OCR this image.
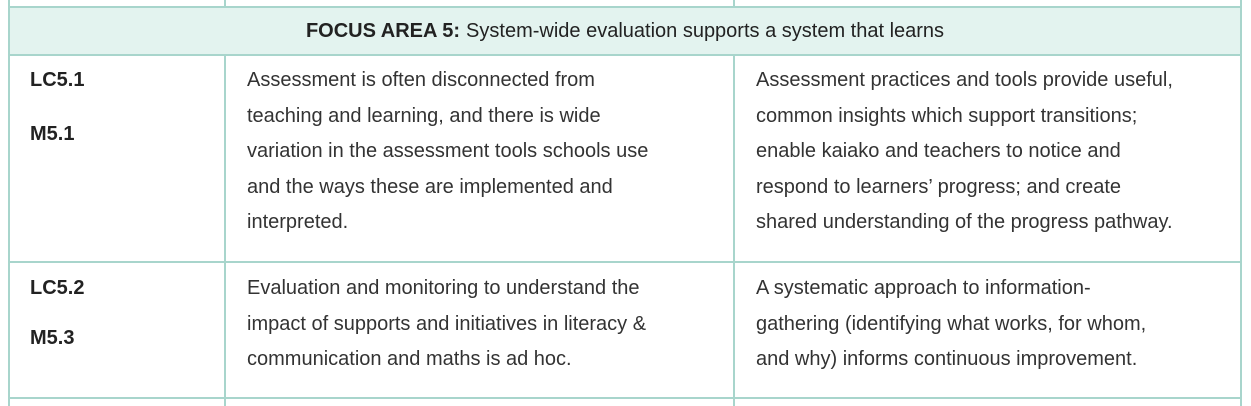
FOCUS AREA 5: System-wide evaluation supports a system that learns
LC5.1
M5.1
Assessment is often disconnected from
teaching and learning, and there is wide
variation in the assessment tools schools use
and the ways these are implemented and
interpreted.
Assessment practices and tools provide useful,
common insights which support transitions;
enable kaiako and teachers to notice and
respond to learners’ progress; and create
shared understanding of the progress pathway.
LC5.2
M5.3
Evaluation and monitoring to understand the
impact of supports and initiatives in literacy &
communication and maths is ad hoc.
A systematic approach to information-
gathering (identifying what works, for whom,
and why) informs continuous improvement.
